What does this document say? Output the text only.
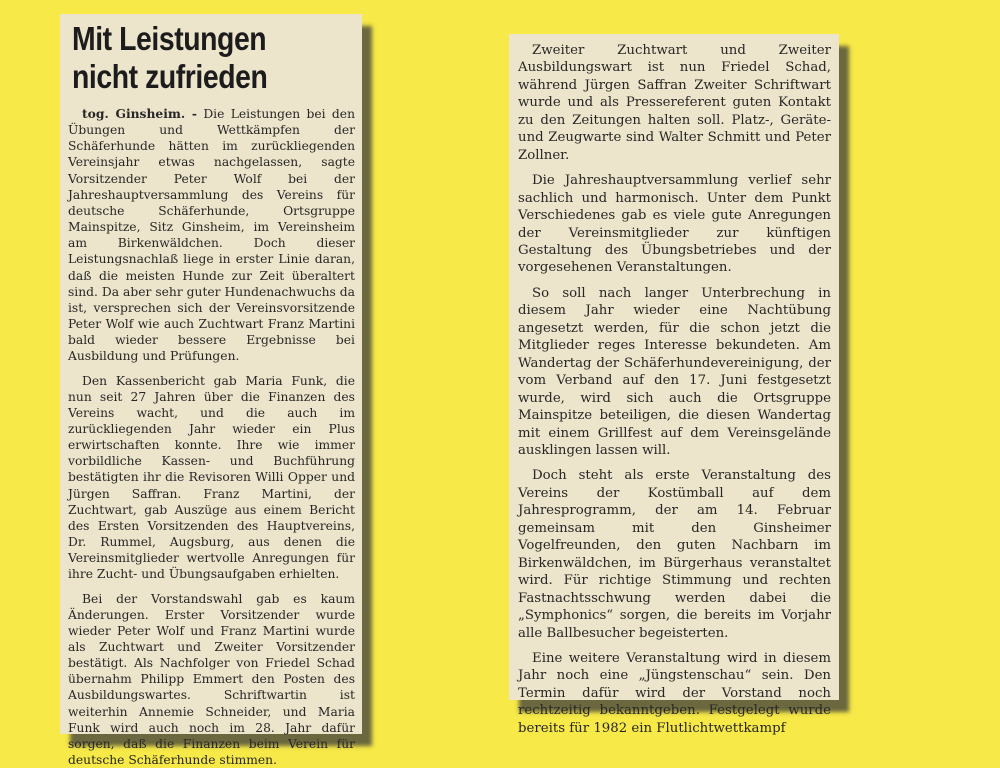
Mit Leistungen
nicht zufrieden

tog. Ginsheim. - Die Leistungen bei den Übungen und Wettkämpfen der Schäferhunde hätten im zurückliegenden Vereinsjahr etwas nachgelassen, sagte Vorsitzender Peter Wolf bei der Jahreshauptversammlung des Vereins für deutsche Schäferhunde, Ortsgruppe Mainspitze, Sitz Ginsheim, im Vereinsheim am Birkenwäldchen. Doch dieser Leistungsnachlaß liege in erster Linie daran, daß die meisten Hunde zur Zeit überaltert sind. Da aber sehr guter Hundenachwuchs da ist, versprechen sich der Vereinsvorsitzende Peter Wolf wie auch Zuchtwart Franz Martini bald wieder bessere Ergebnisse bei Ausbildung und Prüfungen.

Den Kassenbericht gab Maria Funk, die nun seit 27 Jahren über die Finanzen des Vereins wacht, und die auch im zurückliegenden Jahr wieder ein Plus erwirtschaften konnte. Ihre wie immer vorbildliche Kassen- und Buchführung bestätigten ihr die Revisoren Willi Opper und Jürgen Saffran. Franz Martini, der Zuchtwart, gab Auszüge aus einem Bericht des Ersten Vorsitzenden des Hauptvereins, Dr. Rummel, Augsburg, aus denen die Vereinsmitglieder wertvolle Anregungen für ihre Zucht- und Übungsaufgaben erhielten.

Bei der Vorstandswahl gab es kaum Änderungen. Erster Vorsitzender wurde wieder Peter Wolf und Franz Martini wurde als Zuchtwart und Zweiter Vorsitzender bestätigt. Als Nachfolger von Friedel Schad übernahm Philipp Emmert den Posten des Ausbildungswartes. Schriftwartin ist weiterhin Annemie Schneider, und Maria Funk wird auch noch im 28. Jahr dafür sorgen, daß die Finanzen beim Verein für deutsche Schäferhunde stimmen.

Zweiter Zuchtwart und Zweiter Ausbildungswart ist nun Friedel Schad, während Jürgen Saffran Zweiter Schriftwart wurde und als Pressereferent guten Kontakt zu den Zeitungen halten soll. Platz-, Geräte- und Zeugwarte sind Walter Schmitt und Peter Zollner.

Die Jahreshauptversammlung verlief sehr sachlich und harmonisch. Unter dem Punkt Verschiedenes gab es viele gute Anregungen der Vereinsmitglieder zur künftigen Gestaltung des Übungsbetriebes und der vorgesehenen Veranstaltungen.

So soll nach langer Unterbrechung in diesem Jahr wieder eine Nachtübung angesetzt werden, für die schon jetzt die Mitglieder reges Interesse bekundeten. Am Wandertag der Schäferhundevereinigung, der vom Verband auf den 17. Juni festgesetzt wurde, wird sich auch die Ortsgruppe Mainspitze beteiligen, die diesen Wandertag mit einem Grillfest auf dem Vereinsgelände ausklingen lassen will.

Doch steht als erste Veranstaltung des Vereins der Kostümball auf dem Jahresprogramm, der am 14. Februar gemeinsam mit den Ginsheimer Vogelfreunden, den guten Nachbarn im Birkenwäldchen, im Bürgerhaus veranstaltet wird. Für richtige Stimmung und rechten Fastnachtsschwung werden dabei die „Symphonics“ sorgen, die bereits im Vorjahr alle Ballbesucher begeisterten.

Eine weitere Veranstaltung wird in diesem Jahr noch eine „Jüngstenschau“ sein. Den Termin dafür wird der Vorstand noch rechtzeitig bekanntgeben. Festgelegt wurde bereits für 1982 ein Flutlichtwettkampf
